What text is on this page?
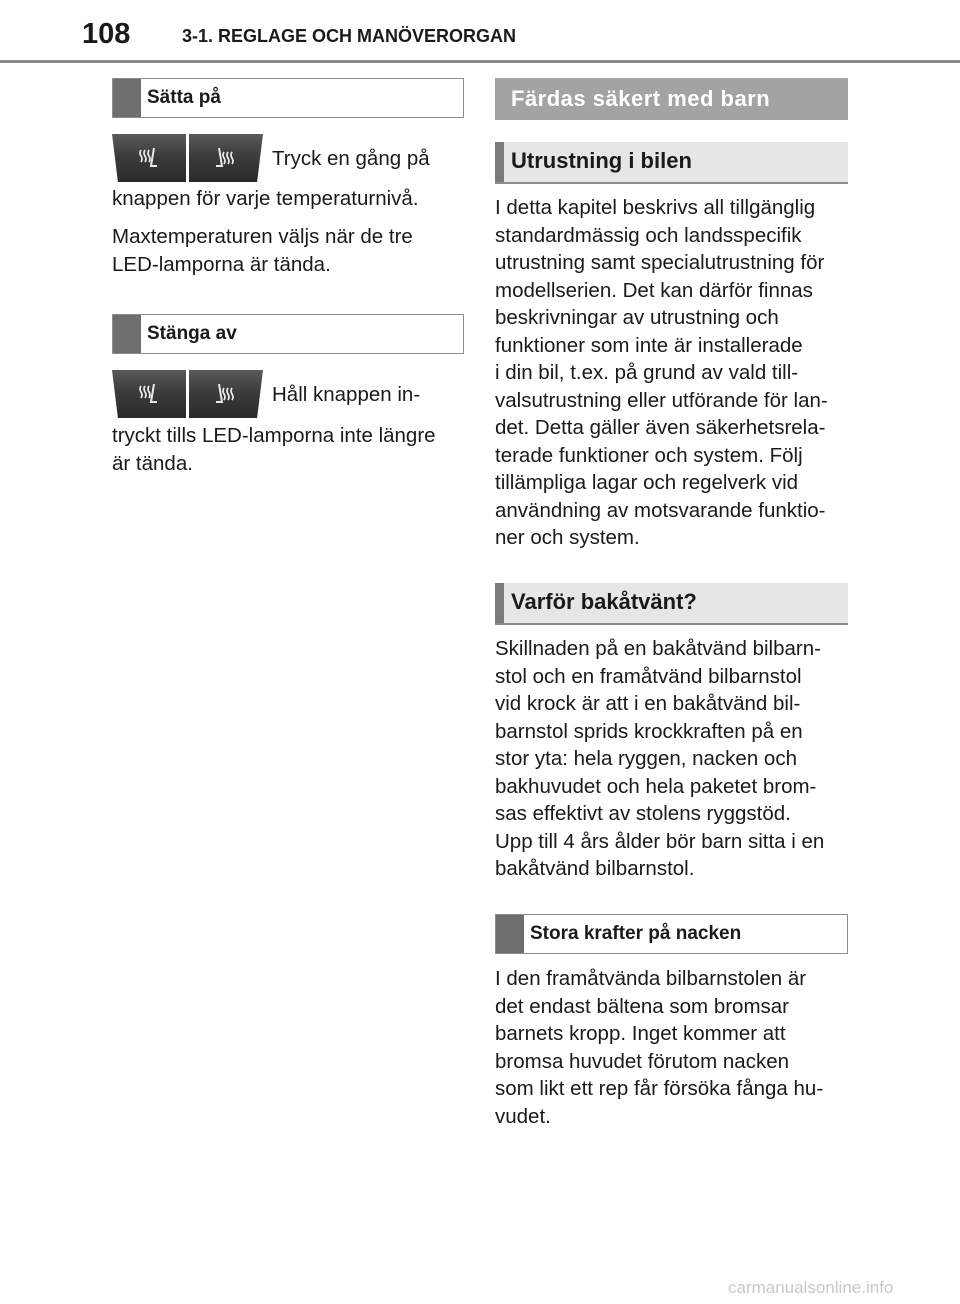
108	3-1. REGLAGE OCH MANÖVERORGAN
Sätta på
Tryck en gång på
knappen för varje temperaturnivå.
Maxtemperaturen väljs när de tre
LED-lamporna är tända.
Stänga av
Håll knappen in-
tryckt tills LED-lamporna inte längre
är tända.
Färdas säkert med barn
Utrustning i bilen
I detta kapitel beskrivs all tillgänglig
standardmässig och landsspecifik
utrustning samt specialutrustning för
modellserien. Det kan därför finnas
beskrivningar av utrustning och
funktioner som inte är installerade
i din bil, t.ex. på grund av vald till-
valsutrustning eller utförande för lan-
det. Detta gäller även säkerhetsrela-
terade funktioner och system. Följ
tillämpliga lagar och regelverk vid
användning av motsvarande funktio-
ner och system.
Varför bakåtvänt?
Skillnaden på en bakåtvänd bilbarn-
stol och en framåtvänd bilbarnstol
vid krock är att i en bakåtvänd bil-
barnstol sprids krockkraften på en
stor yta: hela ryggen, nacken och
bakhuvudet och hela paketet brom-
sas effektivt av stolens ryggstöd.
Upp till 4 års ålder bör barn sitta i en
bakåtvänd bilbarnstol.
Stora krafter på nacken
I den framåtvända bilbarnstolen är
det endast bältena som bromsar
barnets kropp. Inget kommer att
bromsa huvudet förutom nacken
som likt ett rep får försöka fånga hu-
vudet.
carmanualsonline.info
